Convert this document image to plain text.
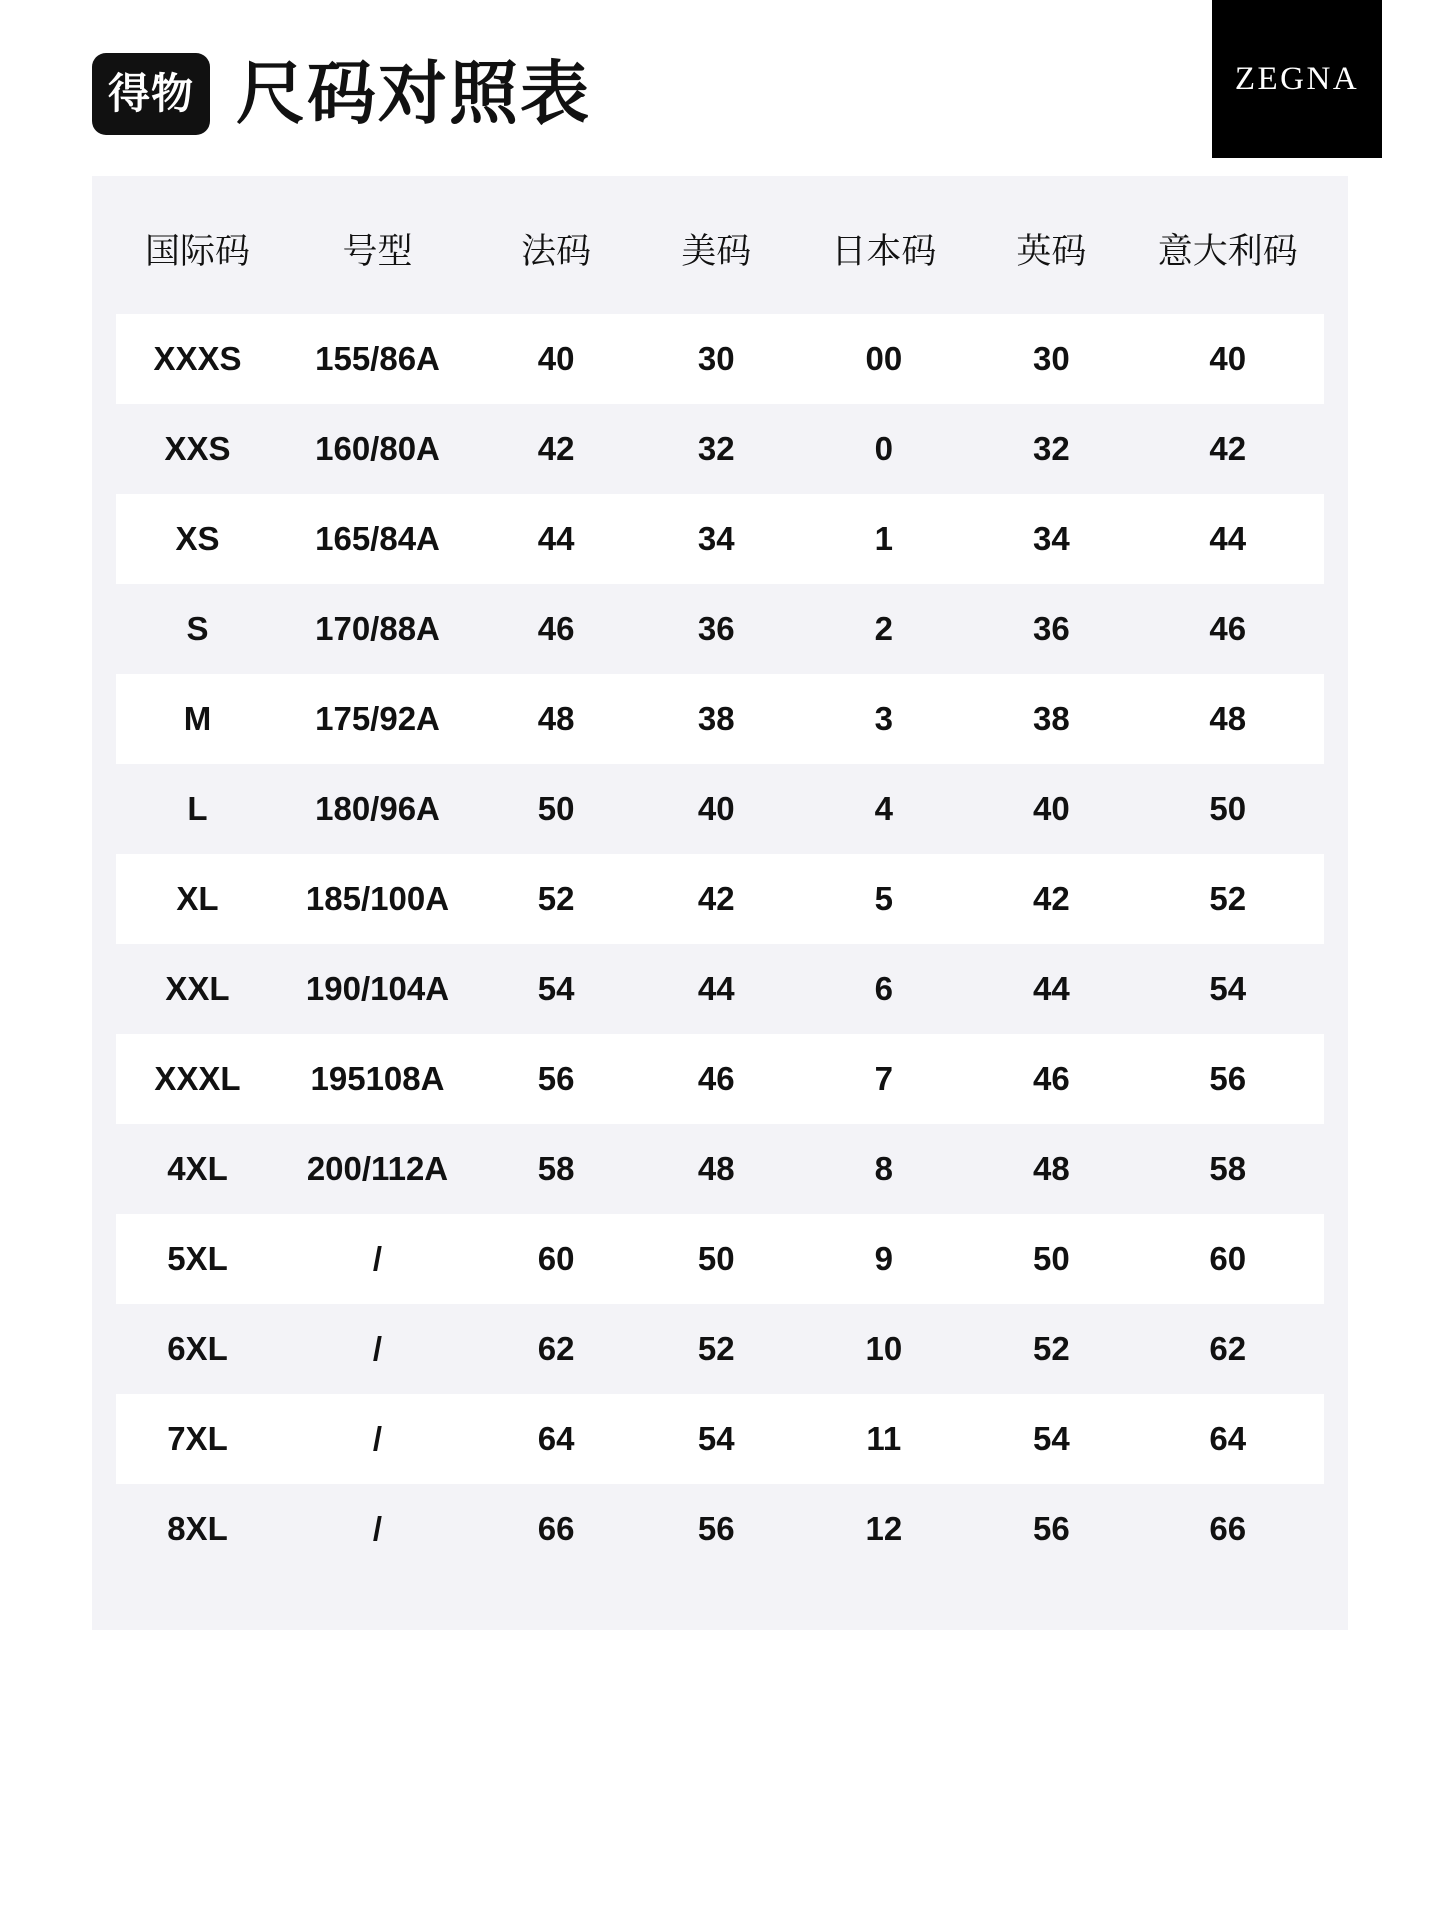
得物 尺码对照表	ZEGNA
国际码	号型	法码	美码	日本码	英码	意大利码
XXXS	155/86A	40	30	00	30	40
XXS	160/80A	42	32	0	32	42
XS	165/84A	44	34	1	34	44
S	170/88A	46	36	2	36	46
M	175/92A	48	38	3	38	48
L	180/96A	50	40	4	40	50
XL	185/100A	52	42	5	42	52
XXL	190/104A	54	44	6	44	54
XXXL	195108A	56	46	7	46	56
4XL	200/112A	58	48	8	48	58
5XL	/	60	50	9	50	60
6XL	/	62	52	10	52	62
7XL	/	64	54	11	54	64
8XL	/	66	56	12	56	66
